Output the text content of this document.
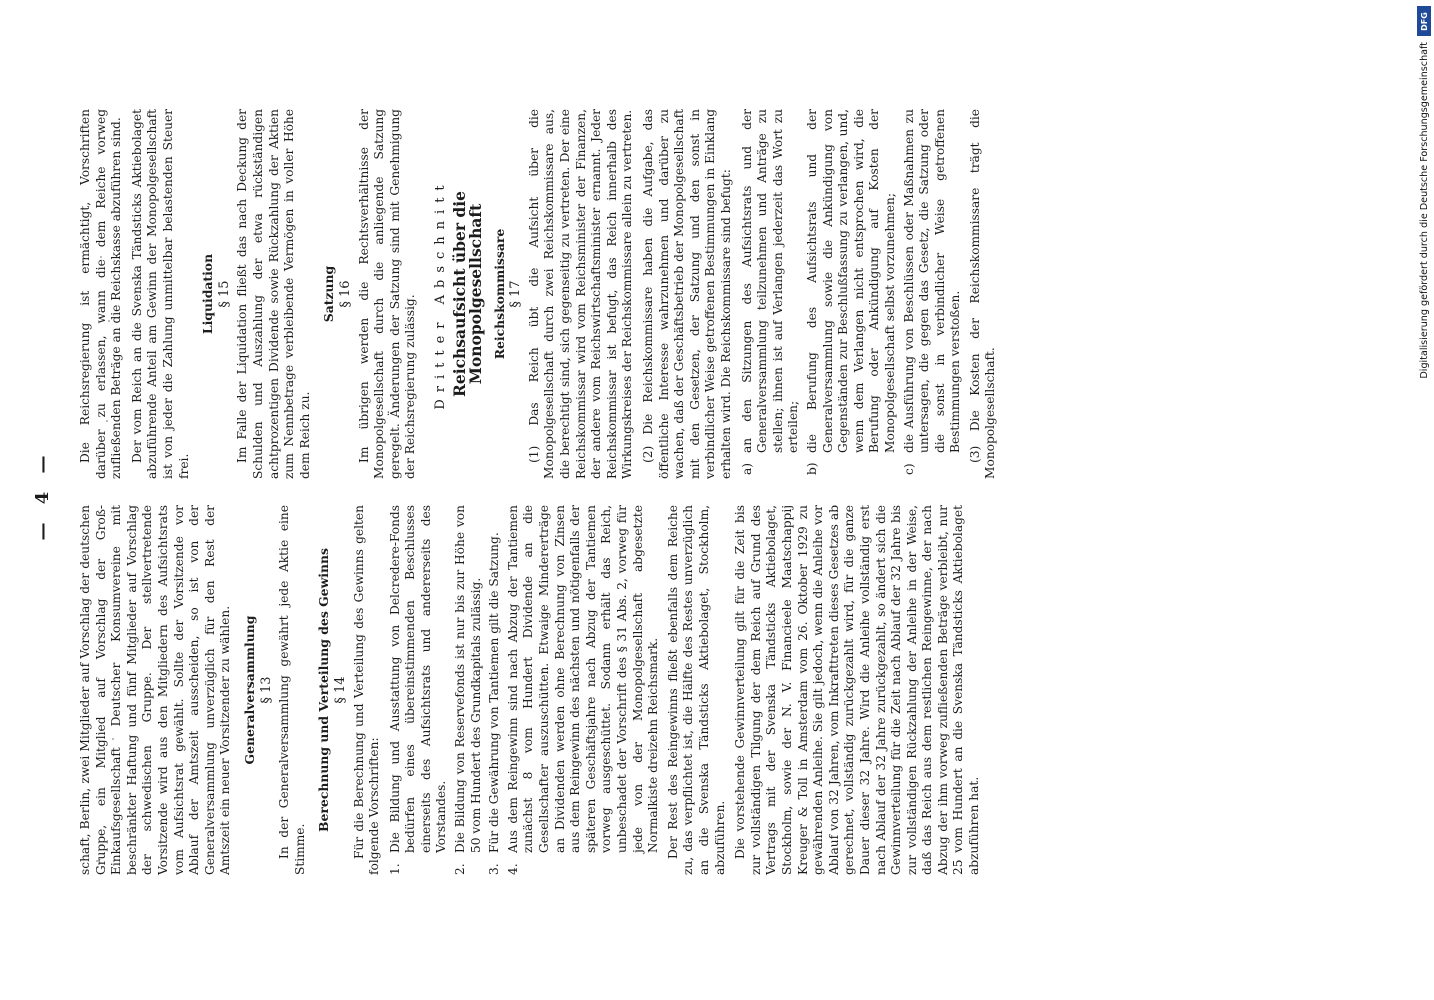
— 4 —

schaft, Berlin, zwei Mitglieder auf Vorschlag der deutschen Gruppe, ein Mitglied auf Vorschlag der Groß-Einkaufsgesellschaft Deutscher Konsumvereine mit beschränkter Haftung und fünf Mitglieder auf Vorschlag der schwedischen Gruppe. Der stellvertretende Vorsitzende wird aus den Mitgliedern des Aufsichtsrats vom Aufsichtsrat gewählt. Sollte der Vorsitzende vor Ablauf der Amtszeit ausscheiden, so ist von der Generalversammlung unverzüglich für den Rest der Amtszeit ein neuer Vorsitzender zu wählen. Generalversammlung § 13 In der Generalversammlung gewährt jede Aktie eine Stimme.

Berechnung und Verteilung des Gewinns § 14 Für die Berechnung und Verteilung des Gewinns gelten folgende Vorschriften: 1.
Die Bildung und Ausstattung von Delcredere-Fonds bedürfen eines übereinstimmenden Beschlusses einerseits des Aufsichtsrats und andererseits des Vorstandes.
2.
Die Bildung von Reservefonds ist nur bis zur Höhe von 50 vom Hundert des Grundkapitals zulässig.
3.
Für die Gewährung von Tantiemen gilt die Satzung.
4.
Aus dem Reingewinn sind nach Abzug der Tantiemen zunächst 8 vom Hundert Dividende an die Gesellschafter auszuschütten. Etwaige Mindererträge an Dividenden werden ohne Berechnung von Zinsen aus dem Reingewinn des nächsten und nötigenfalls der späteren Geschäftsjahre nach Abzug der Tantiemen vorweg ausgeschüttet. Sodann erhält das Reich, unbeschadet der Vorschrift des § 31 Abs. 2, vorweg für jede von der Monopolgesellschaft abgesetzte Normalkiste dreizehn Reichsmark. Der Rest des Reingewinns fließt ebenfalls dem Reiche zu, das verpflichtet ist, die Hälfte des Restes unverzüglich an die Svenska Tändsticks Aktiebolaget, Stockholm, abzuführen. Die vorstehende Gewinnverteilung gilt für die Zeit bis zur vollständigen Tilgung der dem Reich auf Grund des Vertrags mit der Svenska Tändsticks Aktiebolaget, Stockholm, sowie der N. V. Financieele Maatschappij Kreuger & Toll in Amsterdam vom 26. Oktober 1929 zu gewährenden Anleihe. Sie gilt jedoch, wenn die Anleihe vor Ablauf von 32 Jahren, vom Inkrafttreten dieses Gesetzes ab gerechnet, vollständig zurückgezahlt wird, für die ganze Dauer dieser 32 Jahre. Wird die Anleihe vollständig erst nach Ablauf der 32 Jahre zurückgezahlt, so ändert sich die Gewinnverteilung für die Zeit nach Ablauf der 32 Jahre bis zur vollständigen Rückzahlung der Anleihe in der Weise, daß das Reich aus dem restlichen Reingewinne, der nach Abzug der ihm vorweg zufließenden Beträge verbleibt, nur 25 vom Hundert an die Svenska Tändsticks Aktiebolaget abzuführen hat.

Die Reichsregierung ist ermächtigt, Vorschriften darüber zu erlassen, wann die dem Reiche vorweg zufließenden Beträge an die Reichskasse abzuführen sind. Der vom Reich an die Svenska Tändsticks Aktiebolaget abzuführende Anteil am Gewinn der Monopolgesellschaft ist von jeder die Zahlung unmittelbar belastenden Steuer frei.

Liquidation § 15 Im Falle der Liquidation fließt das nach Deckung der Schulden und Auszahlung der etwa rückständigen achtprozentigen Dividende sowie Rückzahlung der Aktien zum Nennbetrage verbleibende Vermögen in voller Höhe dem Reich zu.

Satzung § 16 Im übrigen werden die Rechtsverhältnisse der Monopolgesellschaft durch die anliegende Satzung geregelt. Änderungen der Satzung sind mit Genehmigung der Reichsregierung zulässig. Dritter Abschnitt Reichsaufsicht über die Monopolgesellschaft Reichskommissare § 17 (1) Das Reich übt die Aufsicht über die Monopolgesellschaft durch zwei Reichskommissare aus, die berechtigt sind, sich gegenseitig zu vertreten. Der eine Reichskommissar wird vom Reichsminister der Finanzen, der andere vom Reichswirtschaftsminister ernannt. Jeder Reichskommissar ist befugt, das Reich innerhalb des Wirkungskreises der Reichskommissare allein zu vertreten. (2) Die Reichskommissare haben die Aufgabe, das öffentliche Interesse wahrzunehmen und darüber zu wachen, daß der Geschäftsbetrieb der Monopolgesellschaft mit den Gesetzen, der Satzung und den sonst in verbindlicher Weise getroffenen Bestimmungen in Einklang erhalten wird. Die Reichskommissare sind befugt: a)
an den Sitzungen des Aufsichtsrats und der Generalversammlung teilzunehmen und Anträge zu stellen; ihnen ist auf Verlangen jederzeit das Wort zu erteilen;
b)
die Berufung des Aufsichtsrats und der Generalversammlung sowie die Ankündigung von Gegenständen zur Beschlußfassung zu verlangen, und, wenn dem Verlangen nicht entsprochen wird, die Berufung oder Ankündigung auf Kosten der Monopolgesellschaft selbst vorzunehmen;
c)
die Ausführung von Beschlüssen oder Maßnahmen zu untersagen, die gegen das Gesetz, die Satzung oder die sonst in verbindlicher Weise getroffenen Bestimmungen verstoßen. (3) Die Kosten der Reichskommissare trägt die Monopolgesellschaft.

DFG
Digitalisierung gefördert durch die Deutsche Forschungsgemeinschaft
